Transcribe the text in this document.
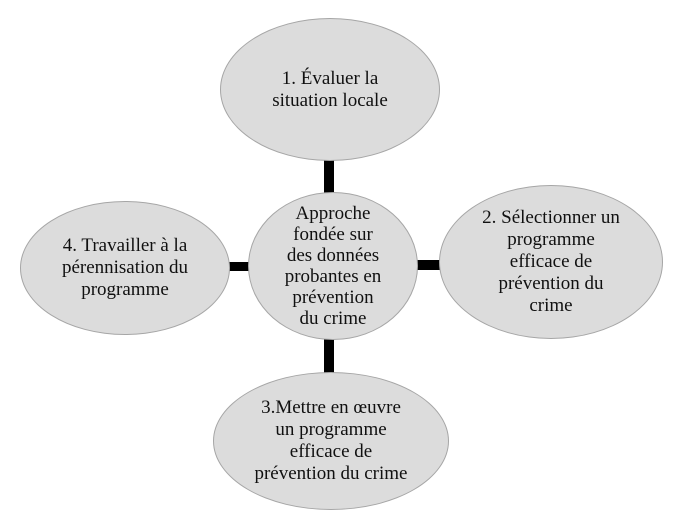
1. Évaluer la
situation locale
2. Sélectionner un
programme
efficace de
prévention du
crime
3.Mettre en œuvre
un programme
efficace de
prévention du crime
4. Travailler à la
pérennisation du
programme
Approche
fondée sur
des données
probantes en
prévention
du crime
